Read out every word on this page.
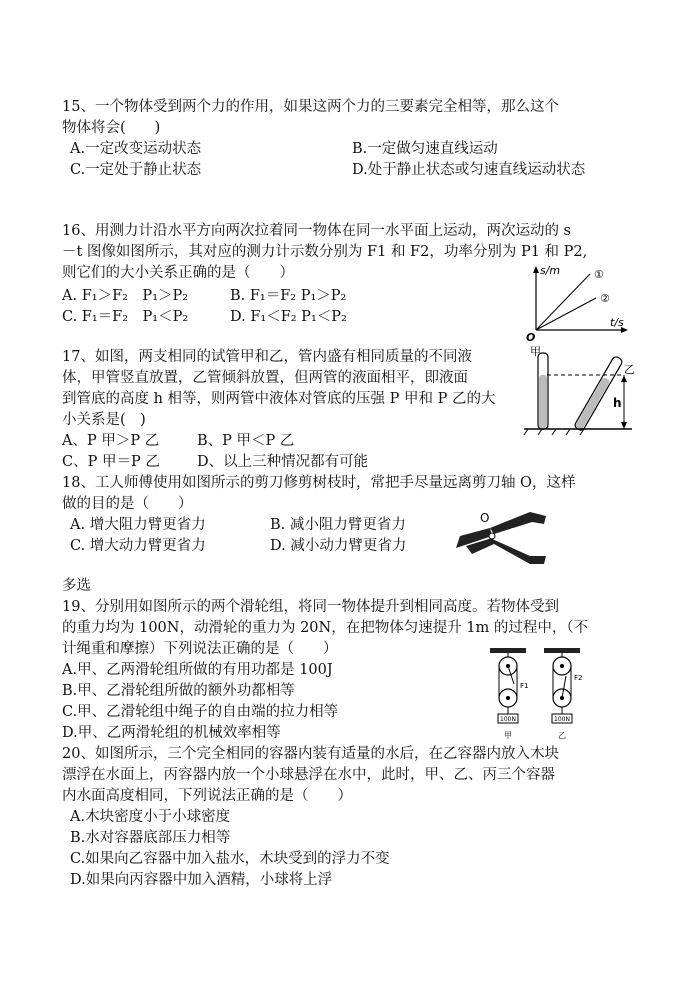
15、一个物体受到两个力的作用，如果这两个力的三要素完全相等，那么这个
物体将会(　　)
A.一定改变运动状态	B.一定做匀速直线运动
C.一定处于静止状态	D.处于静止状态或匀速直线运动状态
16、用测力计沿水平方向两次拉着同一物体在同一水平面上运动，两次运动的 s
－t 图像如图所示，其对应的测力计示数分别为 F1 和 F2，功率分别为 P1 和 P2,
则它们的大小关系正确的是（　　）
A. F₁＞F₂　P₁＞P₂	B. F₁＝F₂ P₁＞P₂
C. F₁＝F₂　P₁＜P₂	D. F₁＜F₂ P₁＜P₂
s/m
t/s
O
①
②
17、如图，两支相同的试管甲和乙，管内盛有相同质量的不同液
体，甲管竖直放置，乙管倾斜放置，但两管的液面相平，即液面
到管底的高度 h 相等，则两管中液体对管底的压强 P 甲和 P 乙的大
小关系是(　)
A、P 甲＞P 乙	B、P 甲＜P 乙
C、P 甲＝P 乙	D、以上三种情况都有可能
甲
乙
h
18、工人师傅使用如图所示的剪刀修剪树枝时，常把手尽量远离剪刀轴 O，这样
做的目的是（　　）
A. 增大阻力臂更省力	B. 减小阻力臂更省力
C. 增大动力臂更省力	D. 减小动力臂更省力
O
多选
19、分别用如图所示的两个滑轮组，将同一物体提升到相同高度。若物体受到
的重力均为 100N，动滑轮的重力为 20N，在把物体匀速提升 1m 的过程中，（不
计绳重和摩擦）下列说法正确的是（　　）
A.甲、乙两滑轮组所做的有用功都是 100J
B.甲、乙滑轮组所做的额外功都相等
C.甲、乙滑轮组中绳子的自由端的拉力相等
D.甲、乙两滑轮组的机械效率相等
F1
F2
100N	100N
甲	乙
20、如图所示，三个完全相同的容器内装有适量的水后，在乙容器内放入木块
漂浮在水面上，丙容器内放一个小球悬浮在水中，此时，甲、乙、丙三个容器
内水面高度相同，下列说法正确的是（　　）
A.木块密度小于小球密度
B.水对容器底部压力相等
C.如果向乙容器中加入盐水，木块受到的浮力不变
D.如果向丙容器中加入酒精，小球将上浮
